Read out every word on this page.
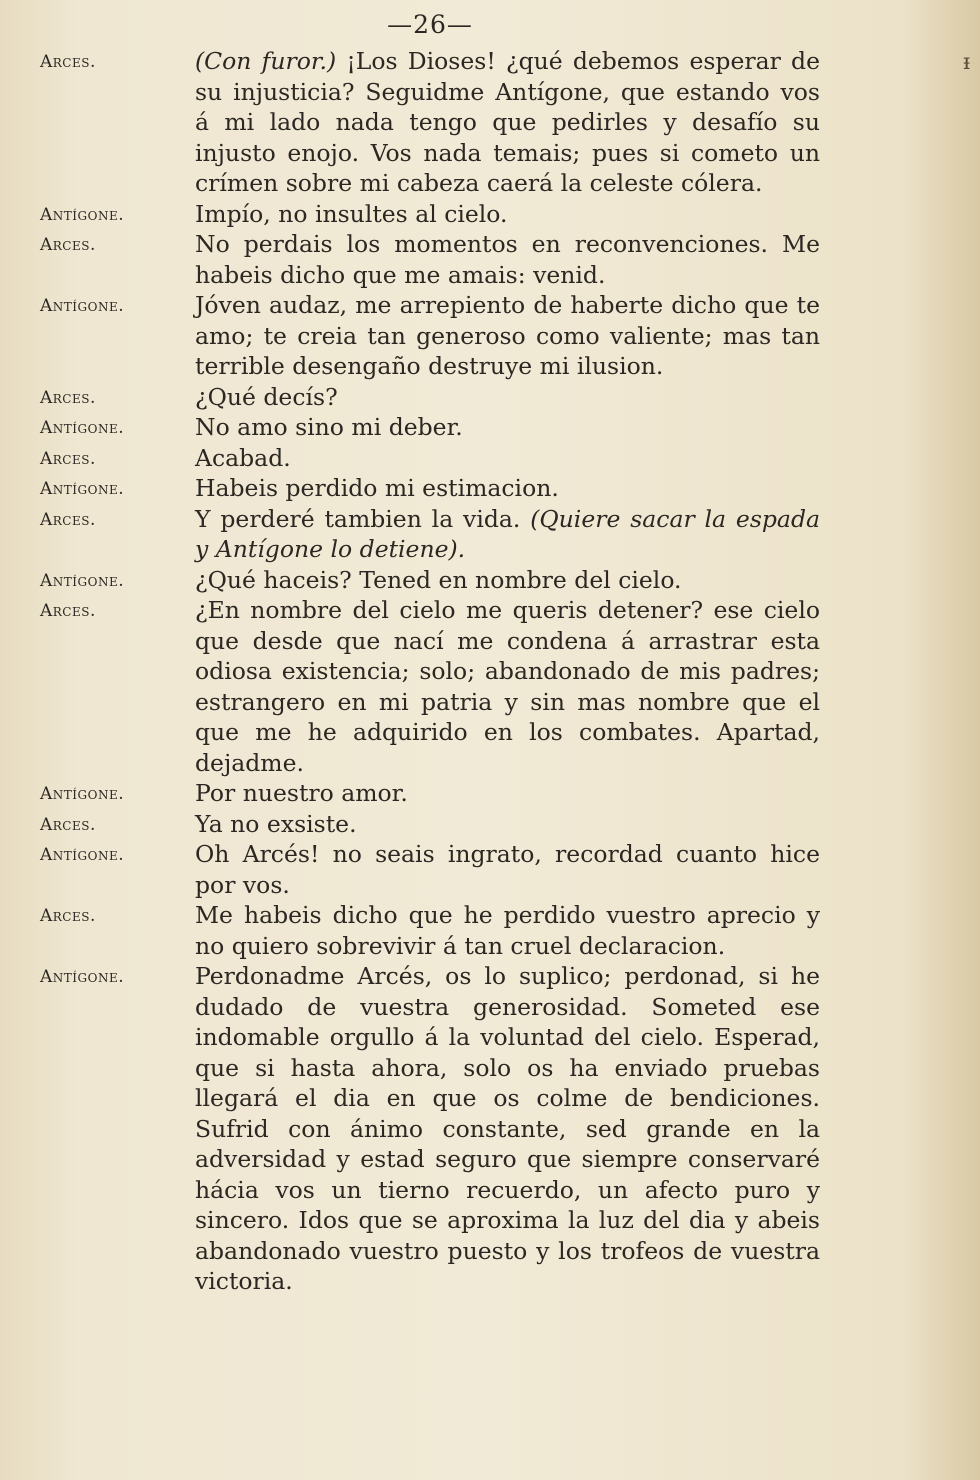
—26—
Arces.	(Con furor.) ¡Los Dioses! ¿qué debemos esperar de su injusticia? Seguidme Antígone, que estando vos á mi lado nada tengo que pedirles y desafío su injusto enojo. Vos nada temais; pues si cometo un crímen sobre mi cabeza caerá la celeste cólera.
Antígone.	Impío, no insultes al cielo.
Arces.	No perdais los momentos en reconvenciones. Me habeis dicho que me amais: venid.
Antígone.	Jóven audaz, me arrepiento de haberte dicho que te amo; te creia tan generoso como valiente; mas tan terrible desengaño destruye mi ilusion.
Arces.	¿Qué decís?
Antígone.	No amo sino mi deber.
Arces.	Acabad.
Antígone.	Habeis perdido mi estimacion.
Arces.	Y perderé tambien la vida. (Quiere sacar la espada y Antígone lo detiene).
Antígone.	¿Qué haceis? Tened en nombre del cielo.
Arces.	¿En nombre del cielo me queris detener? ese cielo que desde que nací me condena á arrastrar esta odiosa existencia; solo; abandonado de mis padres; estrangero en mi patria y sin mas nombre que el que me he adquirido en los combates. Apartad, dejadme.
Antígone.	Por nuestro amor.
Arces.	Ya no exsiste.
Antígone.	Oh Arcés! no seais ingrato, recordad cuanto hice por vos.
Arces.	Me habeis dicho que he perdido vuestro aprecio y no quiero sobrevivir á tan cruel declaracion.
Antígone.	Perdonadme Arcés, os lo suplico; perdonad, si he dudado de vuestra generosidad. Someted ese indomable orgullo á la voluntad del cielo. Esperad, que si hasta ahora, solo os ha enviado pruebas llegará el dia en que os colme de bendiciones. Sufrid con ánimo constante, sed grande en la adversidad y estad seguro que siempre conservaré hácia vos un tierno recuerdo, un afecto puro y sincero. Idos que se aproxima la luz del dia y abeis abandonado vuestro puesto y los trofeos de vuestra victoria.
ᵻ
